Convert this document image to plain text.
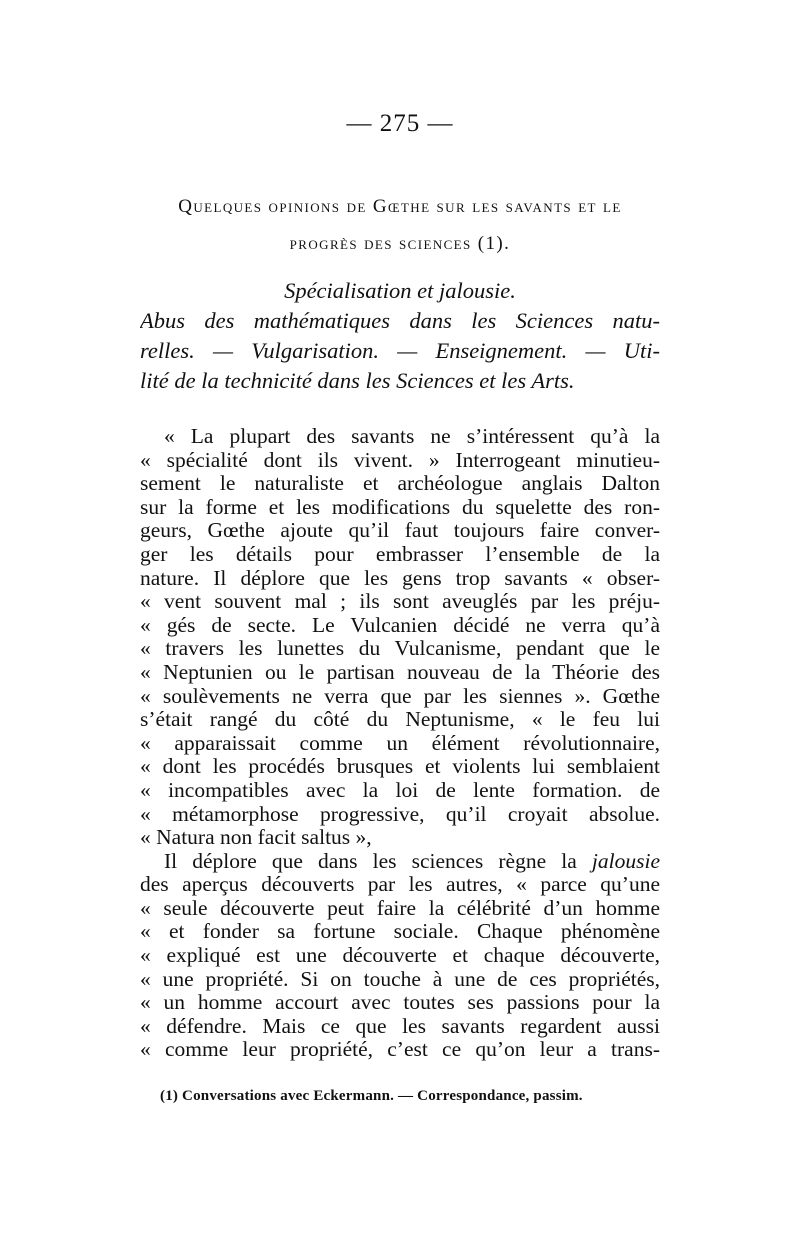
— 275 —
Quelques opinions de Gœthe sur les savants et le
progrès des sciences (1).
Spécialisation et jalousie.
Abus des mathématiques dans les Sciences natu-
relles. — Vulgarisation. — Enseignement. — Uti-
lité de la technicité dans les Sciences et les Arts.
« La plupart des savants ne s’intéressent qu’à la
« spécialité dont ils vivent. » Interrogeant minutieu-
sement le naturaliste et archéologue anglais Dalton
sur la forme et les modifications du squelette des ron-
geurs, Gœthe ajoute qu’il faut toujours faire conver-
ger les détails pour embrasser l’ensemble de la
nature. Il déplore que les gens trop savants « obser-
« vent souvent mal ; ils sont aveuglés par les préju-
« gés de secte. Le Vulcanien décidé ne verra qu’à
« travers les lunettes du Vulcanisme, pendant que le
« Neptunien ou le partisan nouveau de la Théorie des
« soulèvements ne verra que par les siennes ». Gœthe
s’était rangé du côté du Neptunisme, « le feu lui
« apparaissait comme un élément révolutionnaire,
« dont les procédés brusques et violents lui semblaient
« incompatibles avec la loi de lente formation. de
« métamorphose progressive, qu’il croyait absolue.
« Natura non facit saltus »,
Il déplore que dans les sciences règne la jalousie
des aperçus découverts par les autres, « parce qu’une
« seule découverte peut faire la célébrité d’un homme
« et fonder sa fortune sociale. Chaque phénomène
« expliqué est une découverte et chaque découverte,
« une propriété. Si on touche à une de ces propriétés,
« un homme accourt avec toutes ses passions pour la
« défendre. Mais ce que les savants regardent aussi
« comme leur propriété, c’est ce qu’on leur a trans-
(1) Conversations avec Eckermann. — Correspondance, passim.
